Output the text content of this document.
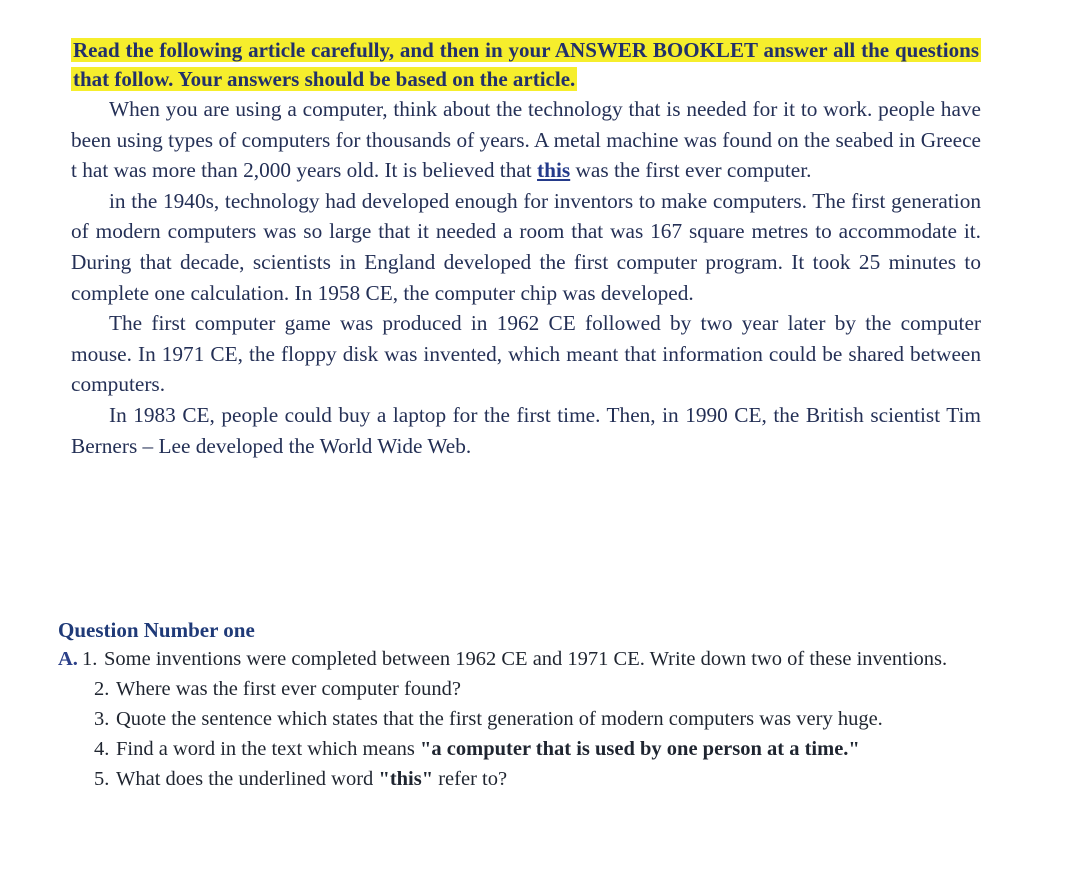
Read the following article carefully, and then in your ANSWER BOOKLET answer all the questions that follow. Your answers should be based on the article.

When you are using a computer, think about the technology that is needed for it to work. people have been using types of computers for thousands of years. A metal machine was found on the seabed in Greece t hat was more than 2,000 years old. It is believed that this was the first ever computer.

in the 1940s, technology had developed enough for inventors to make computers. The first generation of modern computers was so large that it needed a room that was 167 square metres to accommodate it. During that decade, scientists in England developed the first computer program. It took 25 minutes to complete one calculation. In 1958 CE, the computer chip was developed.

The first computer game was produced in 1962 CE followed by two year later by the computer mouse. In 1971 CE, the floppy disk was invented, which meant that information could be shared between computers.

In 1983 CE, people could buy a laptop for the first time. Then, in 1990 CE, the British scientist Tim Berners – Lee developed the World Wide Web.

Question Number one
A. 1. Some inventions were completed between 1962 CE and 1971 CE. Write down two of these inventions.
2. Where was the first ever computer found?
3. Quote the sentence which states that the first generation of modern computers was very huge.
4. Find a word in the text which means "a computer that is used by one person at a time."
5. What does the underlined word "this" refer to?
